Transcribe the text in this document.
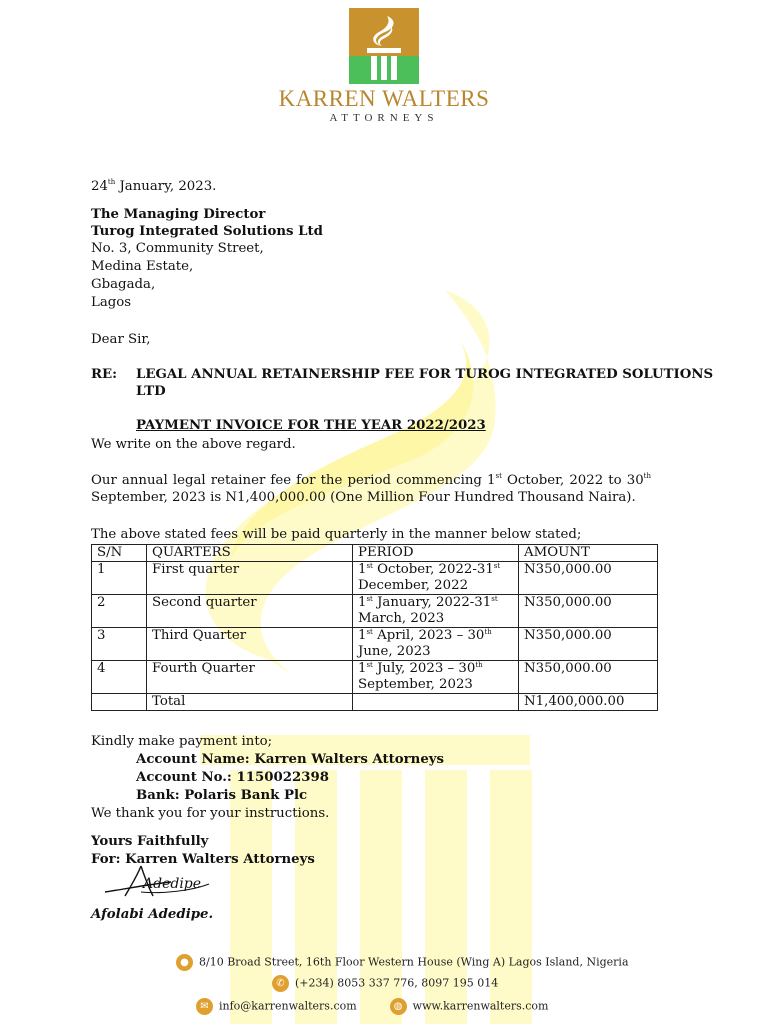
KARREN WALTERS
ATTORNEYS
24th January, 2023.
The Managing Director
Turog Integrated Solutions Ltd
No. 3, Community Street,
Medina Estate,
Gbagada,
Lagos
Dear Sir,
RE: LEGAL ANNUAL RETAINERSHIP FEE FOR TUROG INTEGRATED SOLUTIONS
LTD
PAYMENT INVOICE FOR THE YEAR 2022/2023
We write on the above regard.
Our annual legal retainer fee for the period commencing 1st October, 2022 to 30th September, 2023 is N1,400,000.00 (One Million Four Hundred Thousand Naira).
The above stated fees will be paid quarterly in the manner below stated;
S/N	QUARTERS	PERIOD	AMOUNT
1	First quarter	1st October, 2022-31st
December, 2022	N350,000.00
2	Second quarter	1st January, 2022-31st
March, 2023	N350,000.00
3	Third Quarter	1st April, 2023 – 30th
June, 2023	N350,000.00
4	Fourth Quarter	1st July, 2023 – 30th
September, 2023	N350,000.00
	Total		N1,400,000.00
Kindly make payment into;
Account Name: Karren Walters Attorneys
Account No.: 1150022398
Bank: Polaris Bank Plc
We thank you for your instructions.
Yours Faithfully
For: Karren Walters Attorneys
Adedipe
Afolabi Adedipe.
● 8/10 Broad Street, 16th Floor Western House (Wing A) Lagos Island, Nigeria
✆ (+234) 8053 337 776, 8097 195 014
✉ info@karrenwalters.com	◍ www.karrenwalters.com
